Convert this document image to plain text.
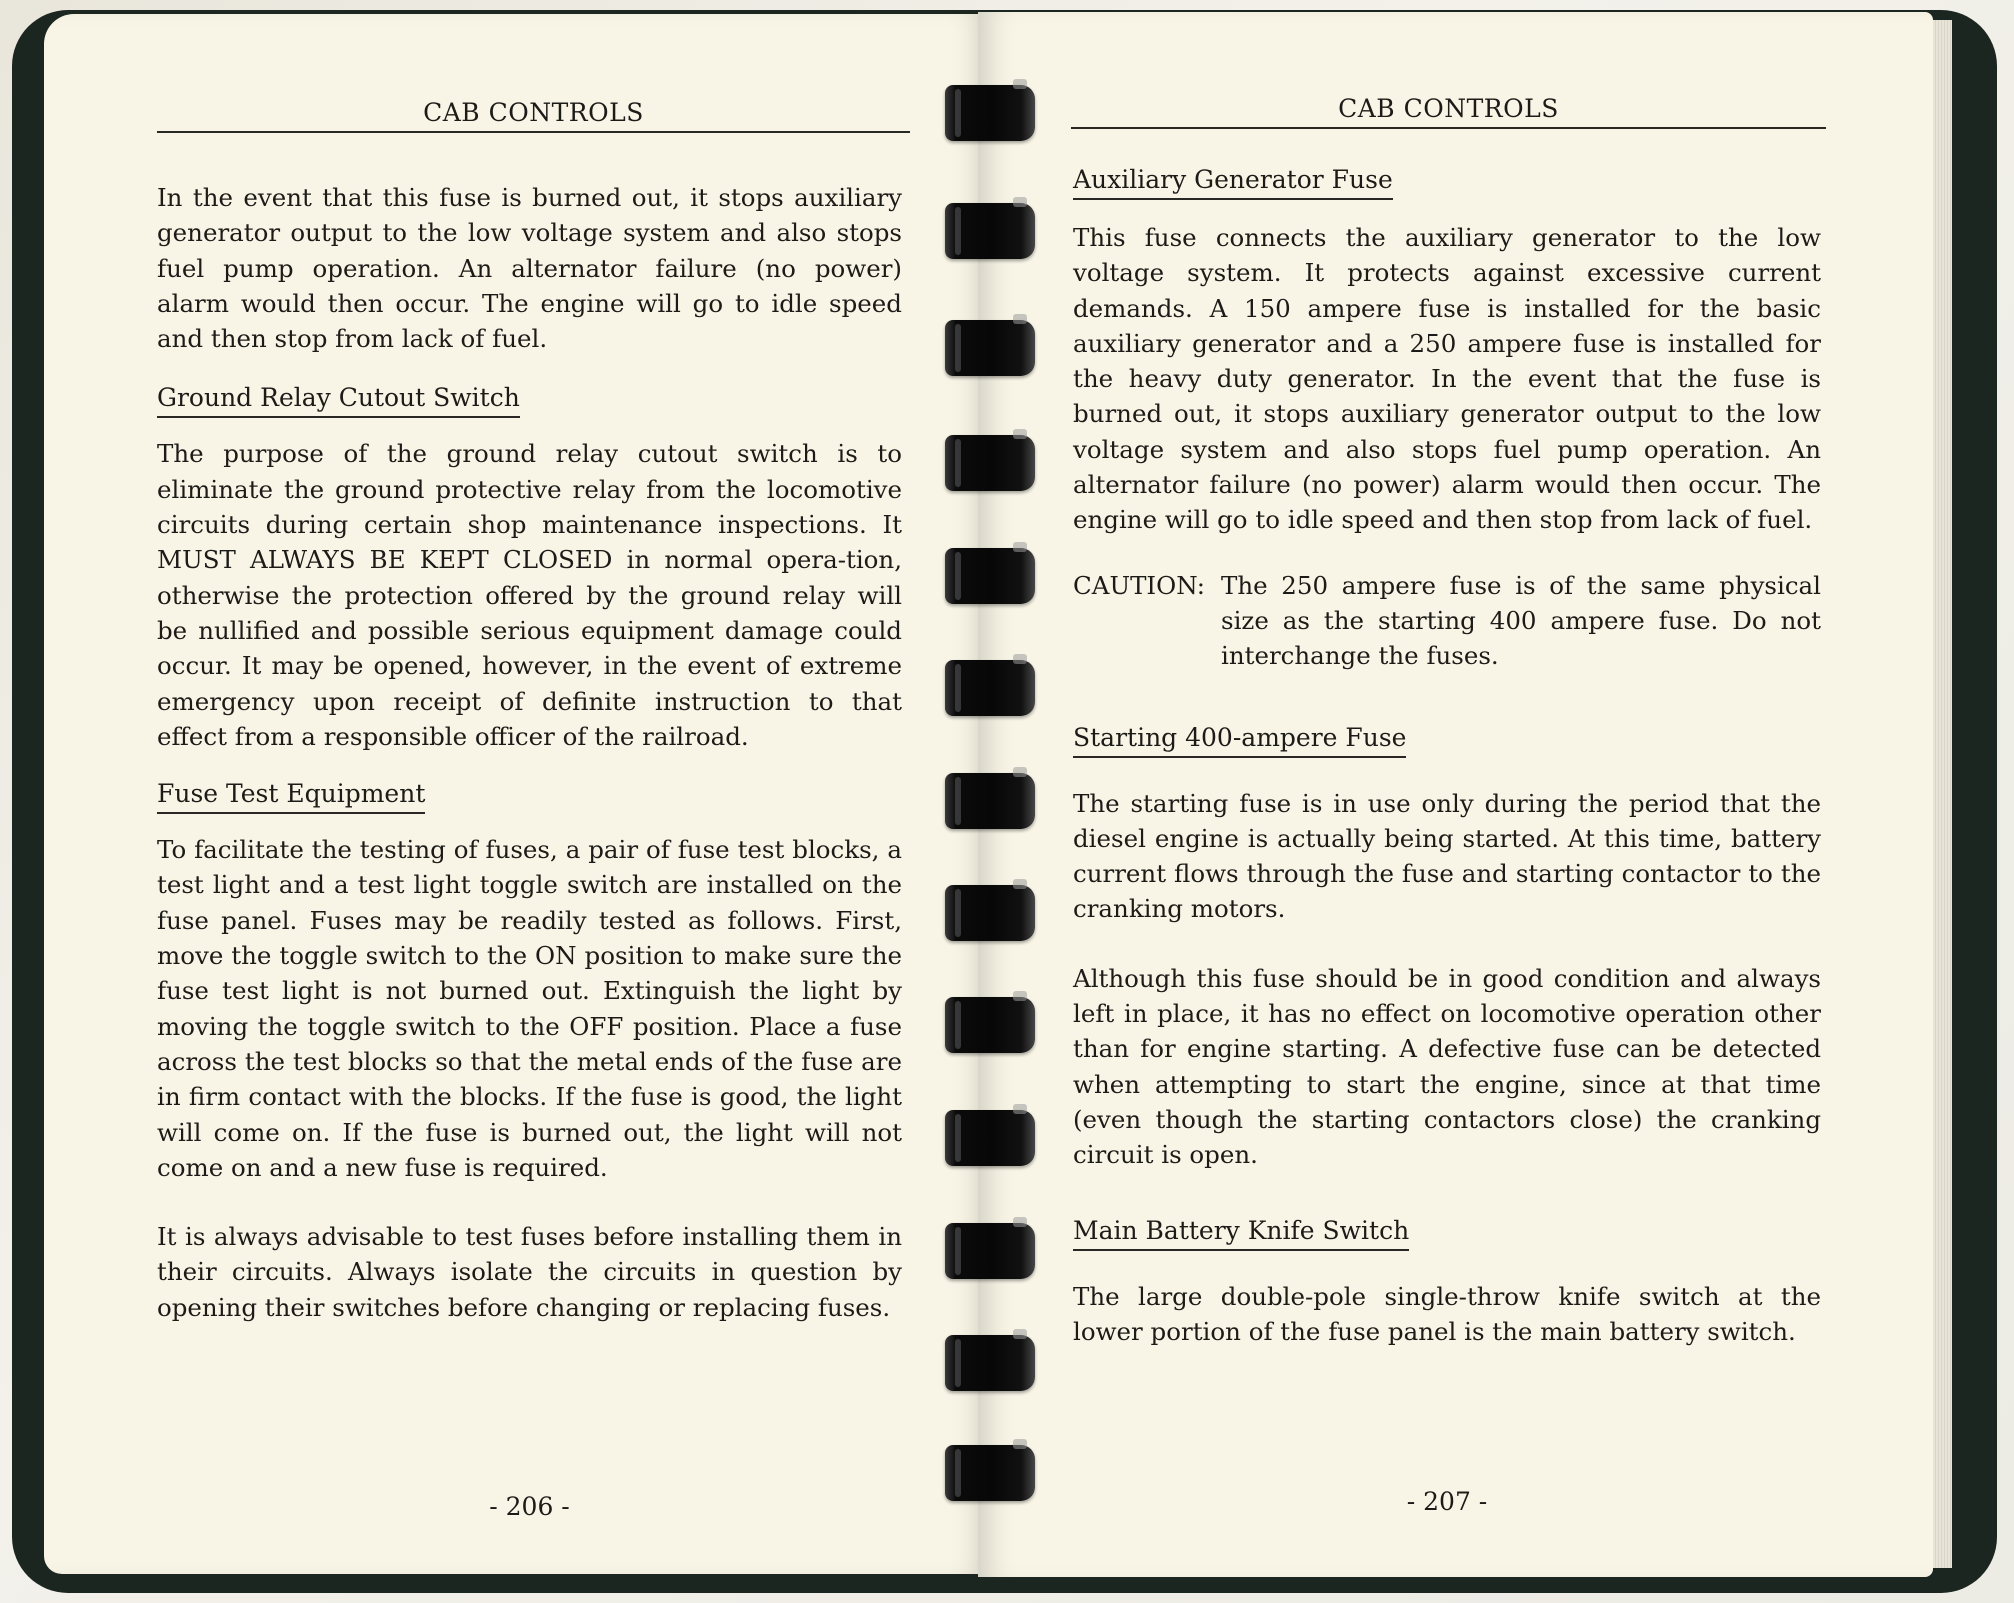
CAB CONTROLS

In the event that this fuse is burned out, it stops auxiliary generator output to the low voltage system and also stops fuel pump operation. An alternator failure (no power) alarm would then occur. The engine will go to idle speed and then stop from lack of fuel.

Ground Relay Cutout Switch

The purpose of the ground relay cutout switch is to eliminate the ground protective relay from the locomotive circuits during certain shop maintenance inspections. It MUST ALWAYS BE KEPT CLOSED in normal opera-tion, otherwise the protection offered by the ground relay will be nullified and possible serious equipment damage could occur. It may be opened, however, in the event of extreme emergency upon receipt of definite instruction to that effect from a responsible officer of the railroad.

Fuse Test Equipment

To facilitate the testing of fuses, a pair of fuse test blocks, a test light and a test light toggle switch are installed on the fuse panel. Fuses may be readily tested as follows. First, move the toggle switch to the ON position to make sure the fuse test light is not burned out. Extinguish the light by moving the toggle switch to the OFF position. Place a fuse across the test blocks so that the metal ends of the fuse are in firm contact with the blocks. If the fuse is good, the light will come on. If the fuse is burned out, the light will not come on and a new fuse is required.

It is always advisable to test fuses before installing them in their circuits. Always isolate the circuits in question by opening their switches before changing or replacing fuses.

- 206 -
CAB CONTROLS
Auxiliary Generator Fuse

This fuse connects the auxiliary generator to the low voltage system. It protects against excessive current demands. A 150 ampere fuse is installed for the basic auxiliary generator and a 250 ampere fuse is installed for the heavy duty generator. In the event that the fuse is burned out, it stops auxiliary generator output to the low voltage system and also stops fuel pump operation. An alternator failure (no power) alarm would then occur. The engine will go to idle speed and then stop from lack of fuel.

CAUTION: The 250 ampere fuse is of the same physical size as the starting 400 ampere fuse. Do not interchange the fuses.
Starting 400-ampere Fuse

The starting fuse is in use only during the period that the diesel engine is actually being started. At this time, battery current flows through the fuse and starting contactor to the cranking motors.

Although this fuse should be in good condition and always left in place, it has no effect on locomotive operation other than for engine starting. A defective fuse can be detected when attempting to start the engine, since at that time (even though the starting contactors close) the cranking circuit is open.

Main Battery Knife Switch

The large double-pole single-throw knife switch at the lower portion of the fuse panel is the main battery switch.

- 207 -
